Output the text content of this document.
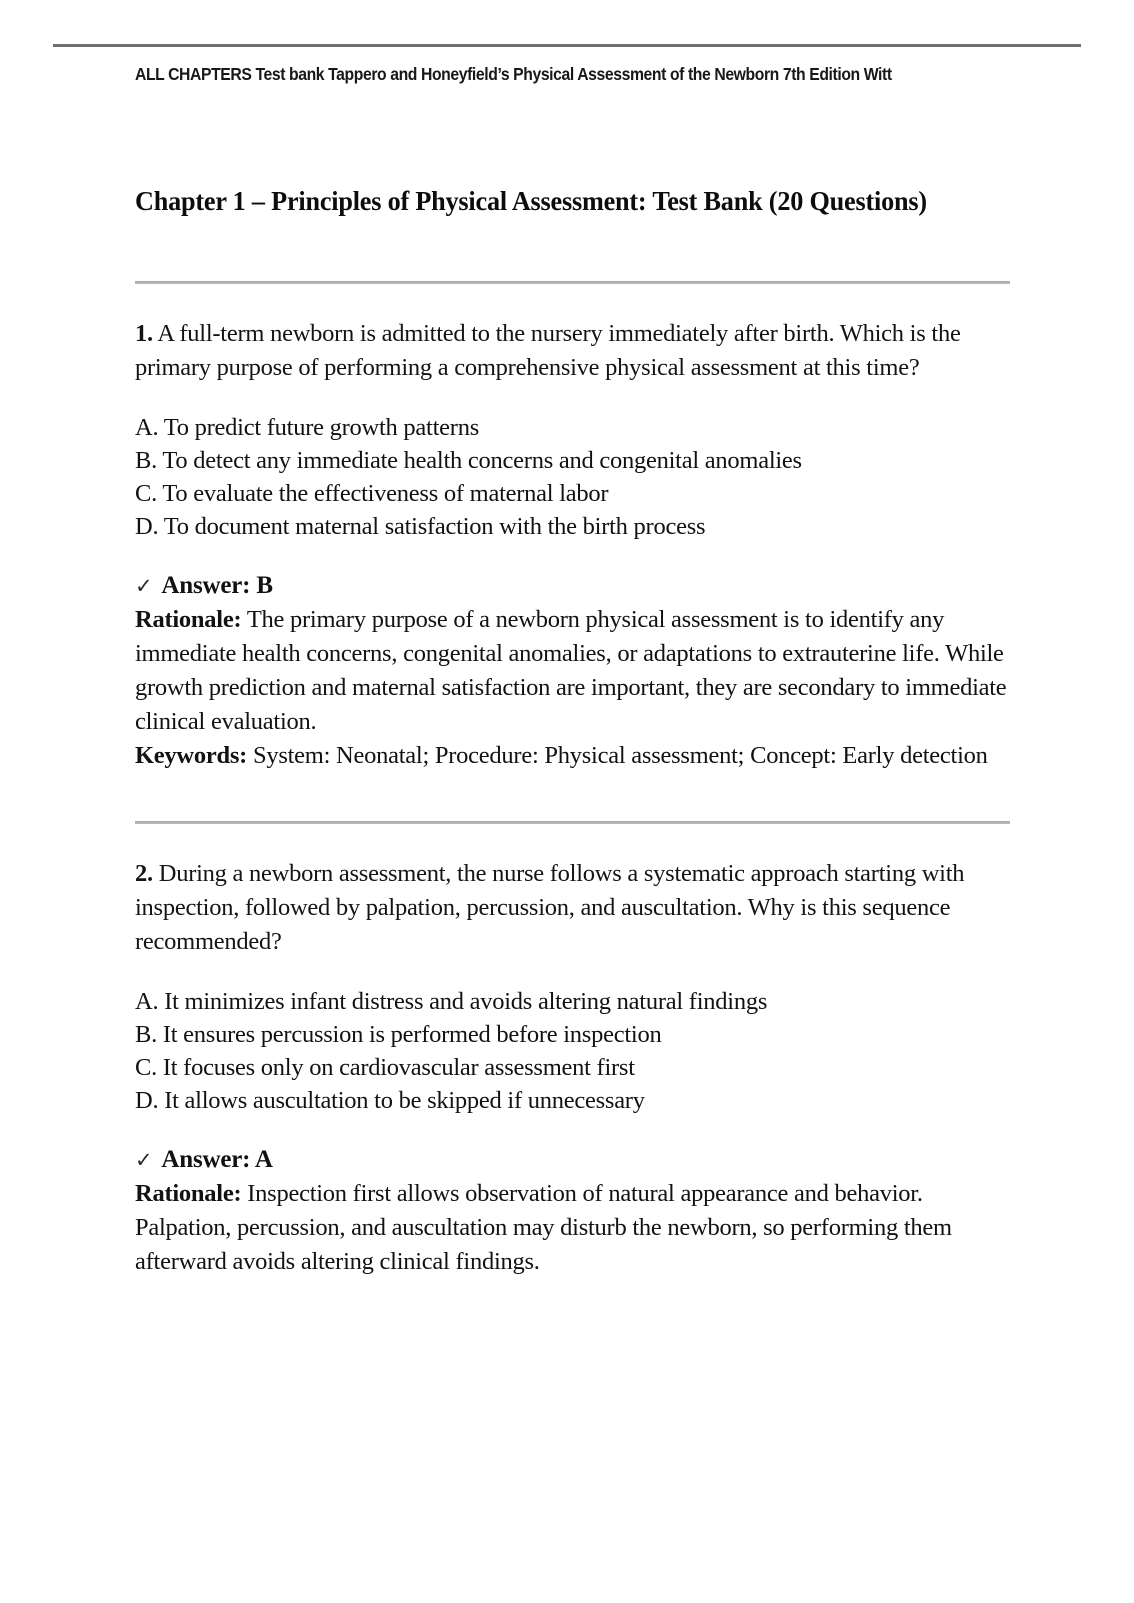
ALL CHAPTERS Test bank Tappero and Honeyfield’s Physical Assessment of the Newborn 7th Edition Witt
Chapter 1 – Principles of Physical Assessment: Test Bank (20 Questions)

1. A full-term newborn is admitted to the nursery immediately after birth. Which is the primary purpose of performing a comprehensive physical assessment at this time?

A. To predict future growth patterns

B. To detect any immediate health concerns and congenital anomalies

C. To evaluate the effectiveness of maternal labor

D. To document maternal satisfaction with the birth process

✓ Answer: B

Rationale: The primary purpose of a newborn physical assessment is to identify any immediate health concerns, congenital anomalies, or adaptations to extrauterine life. While growth prediction and maternal satisfaction are important, they are secondary to immediate clinical evaluation.

Keywords: System: Neonatal; Procedure: Physical assessment; Concept: Early detection

2. During a newborn assessment, the nurse follows a systematic approach starting with inspection, followed by palpation, percussion, and auscultation. Why is this sequence recommended?

A. It minimizes infant distress and avoids altering natural findings

B. It ensures percussion is performed before inspection

C. It focuses only on cardiovascular assessment first

D. It allows auscultation to be skipped if unnecessary

✓ Answer: A

Rationale: Inspection first allows observation of natural appearance and behavior. Palpation, percussion, and auscultation may disturb the newborn, so performing them afterward avoids altering clinical findings.
